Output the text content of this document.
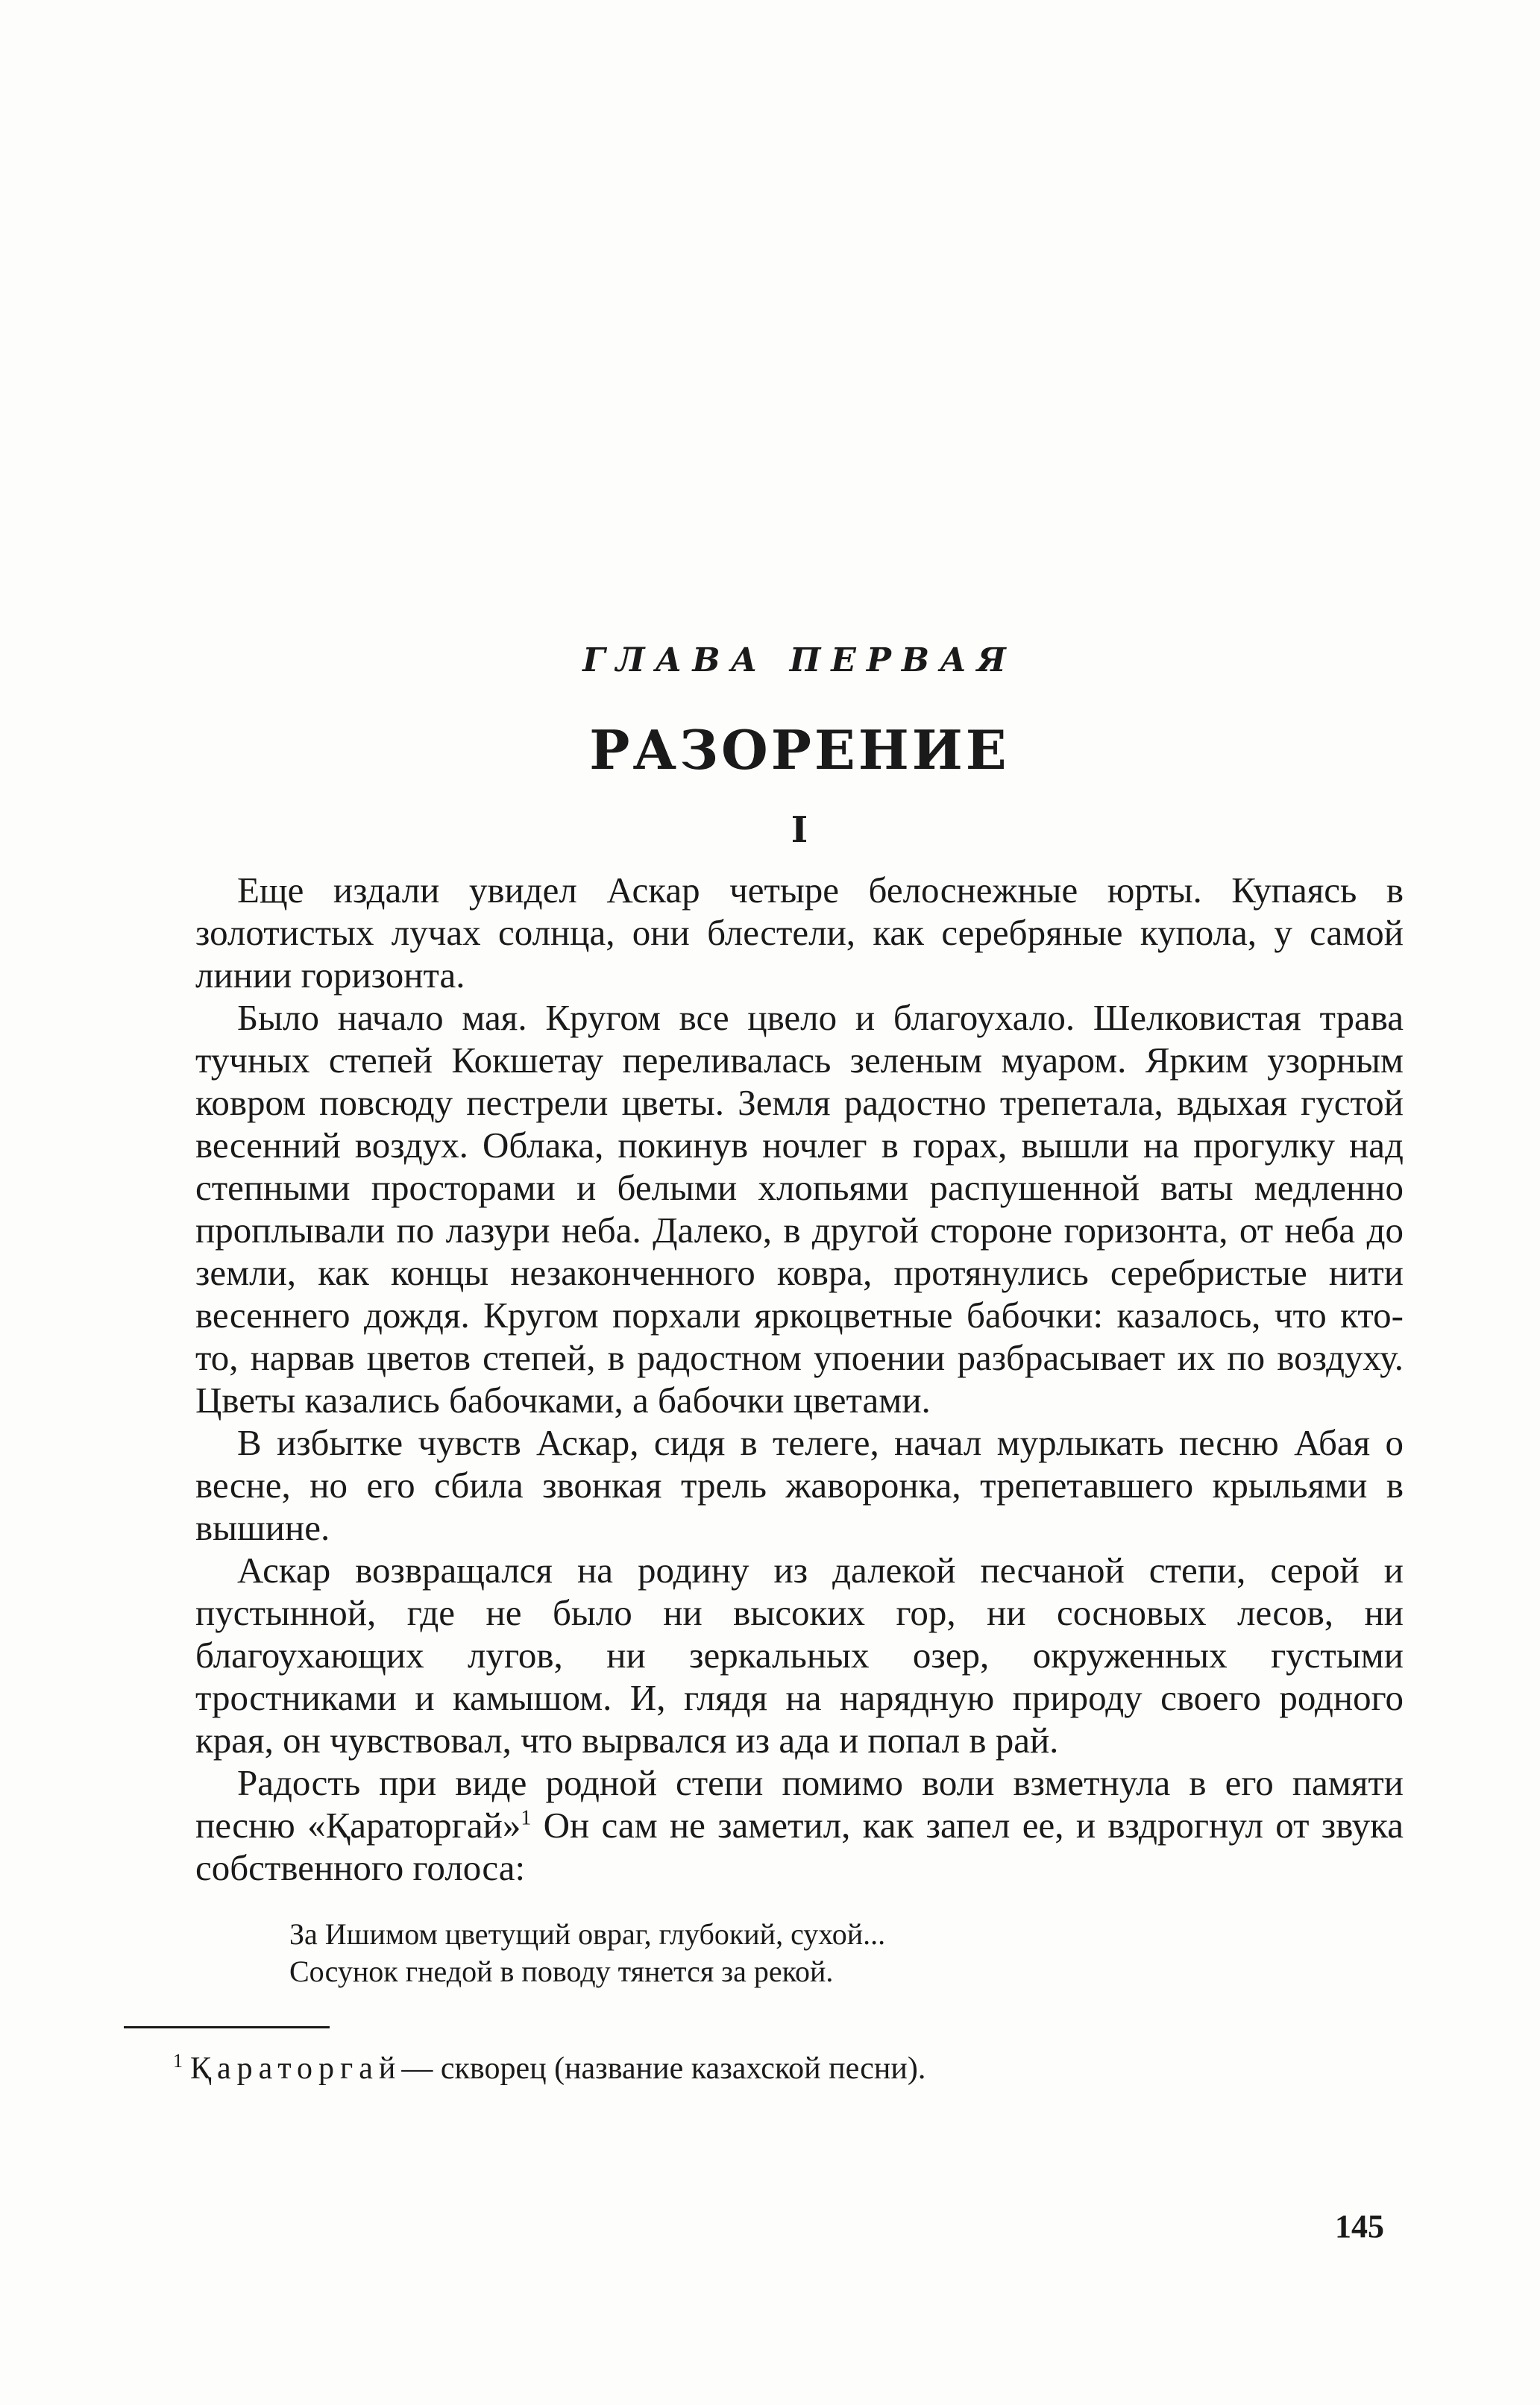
ГЛАВА ПЕРВАЯ
РАЗОРЕНИЕ
I

Еще издали увидел Аскар четыре белоснежные юрты. Купаясь в золотистых лучах солнца, они блестели, как серебряные купола, у самой линии горизонта.

Было начало мая. Кругом все цвело и благоухало. Шелковистая трава тучных степей Кокшетау переливалась зеленым муаром. Ярким узорным ковром повсюду пестрели цветы. Земля радостно трепетала, вдыхая густой весенний воздух. Облака, покинув ночлег в горах, вышли на прогулку над степными просторами и белыми хлопьями распушенной ваты медленно проплывали по лазури неба. Далеко, в другой стороне горизонта, от неба до земли, как концы незаконченного ковра, протянулись серебристые нити весеннего дождя. Кругом порхали яркоцветные бабочки: казалось, что кто-то, нарвав цветов степей, в радостном упоении разбрасывает их по воздуху. Цветы казались бабочками, а бабочки цветами.

В избытке чувств Аскар, сидя в телеге, начал мурлыкать песню Абая о весне, но его сбила звонкая трель жаворонка, трепетавшего крыльями в вышине.

Аскар возвращался на родину из далекой песчаной степи, серой и пустынной, где не было ни высоких гор, ни сосновых лесов, ни благоухающих лугов, ни зеркальных озер, окруженных густыми тростниками и камышом. И, глядя на нарядную природу своего родного края, он чувствовал, что вырвался из ада и попал в рай.

Радость при виде родной степи помимо воли взметнула в его памяти песню «Қараторгай»$^1$ Он сам не заметил, как запел ее, и вздрогнул от звука собственного голоса:

За Ишимом цветущий овраг, глубокий, сухой...
Сосунок гнедой в поводу тянется за рекой.
$^1$ Қараторгай— скворец (название казахской песни).
145
